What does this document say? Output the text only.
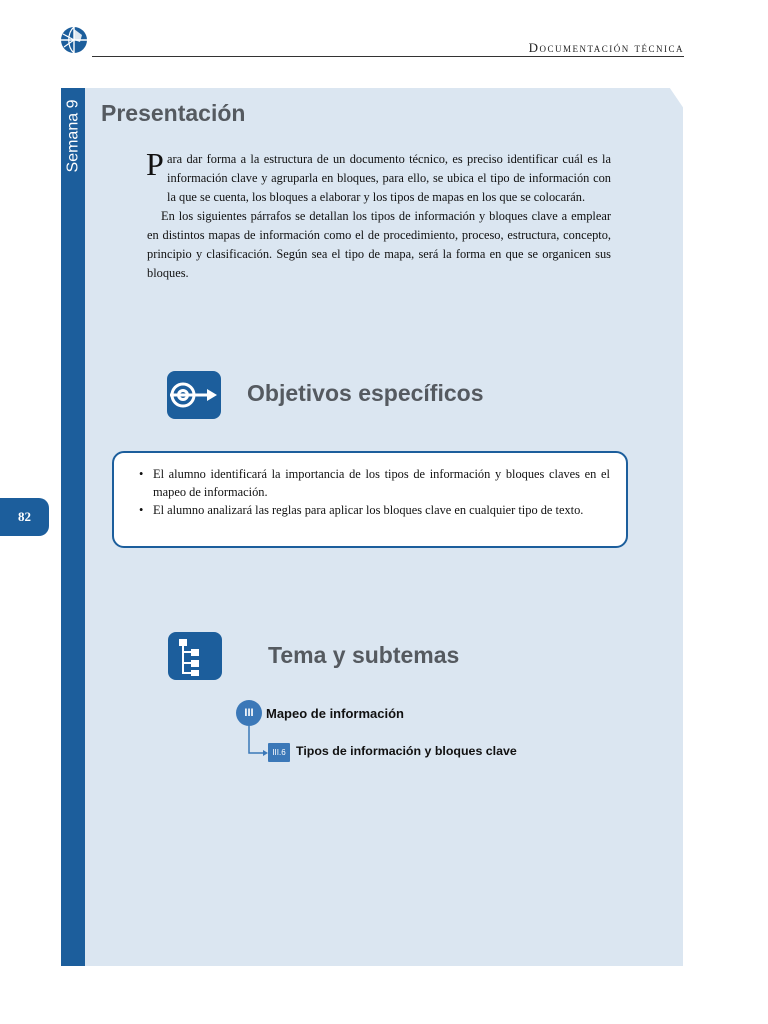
Documentación técnica
Semana 9
82
Presentación

P ara dar forma a la estructura de un documento técnico, es preciso identificar cuál es la información clave y agruparla en bloques, para ello, se ubica el tipo de información con la que se cuenta, los bloques a elaborar y los tipos de mapas en los que se colocarán.

En los siguientes párrafos se detallan los tipos de información y bloques clave a emplear en distintos mapas de información como el de procedimiento, proceso, estructura, concepto, principio y clasificación. Según sea el tipo de mapa, será la forma en que se organicen sus bloques.

Objetivos específicos
• El alumno identificará la importancia de los tipos de información y bloques claves en el mapeo de información.
• El alumno analizará las reglas para aplicar los bloques clave en cualquier tipo de texto.
Tema y subtemas
III Mapeo de información
III.6 Tipos de información y bloques clave
